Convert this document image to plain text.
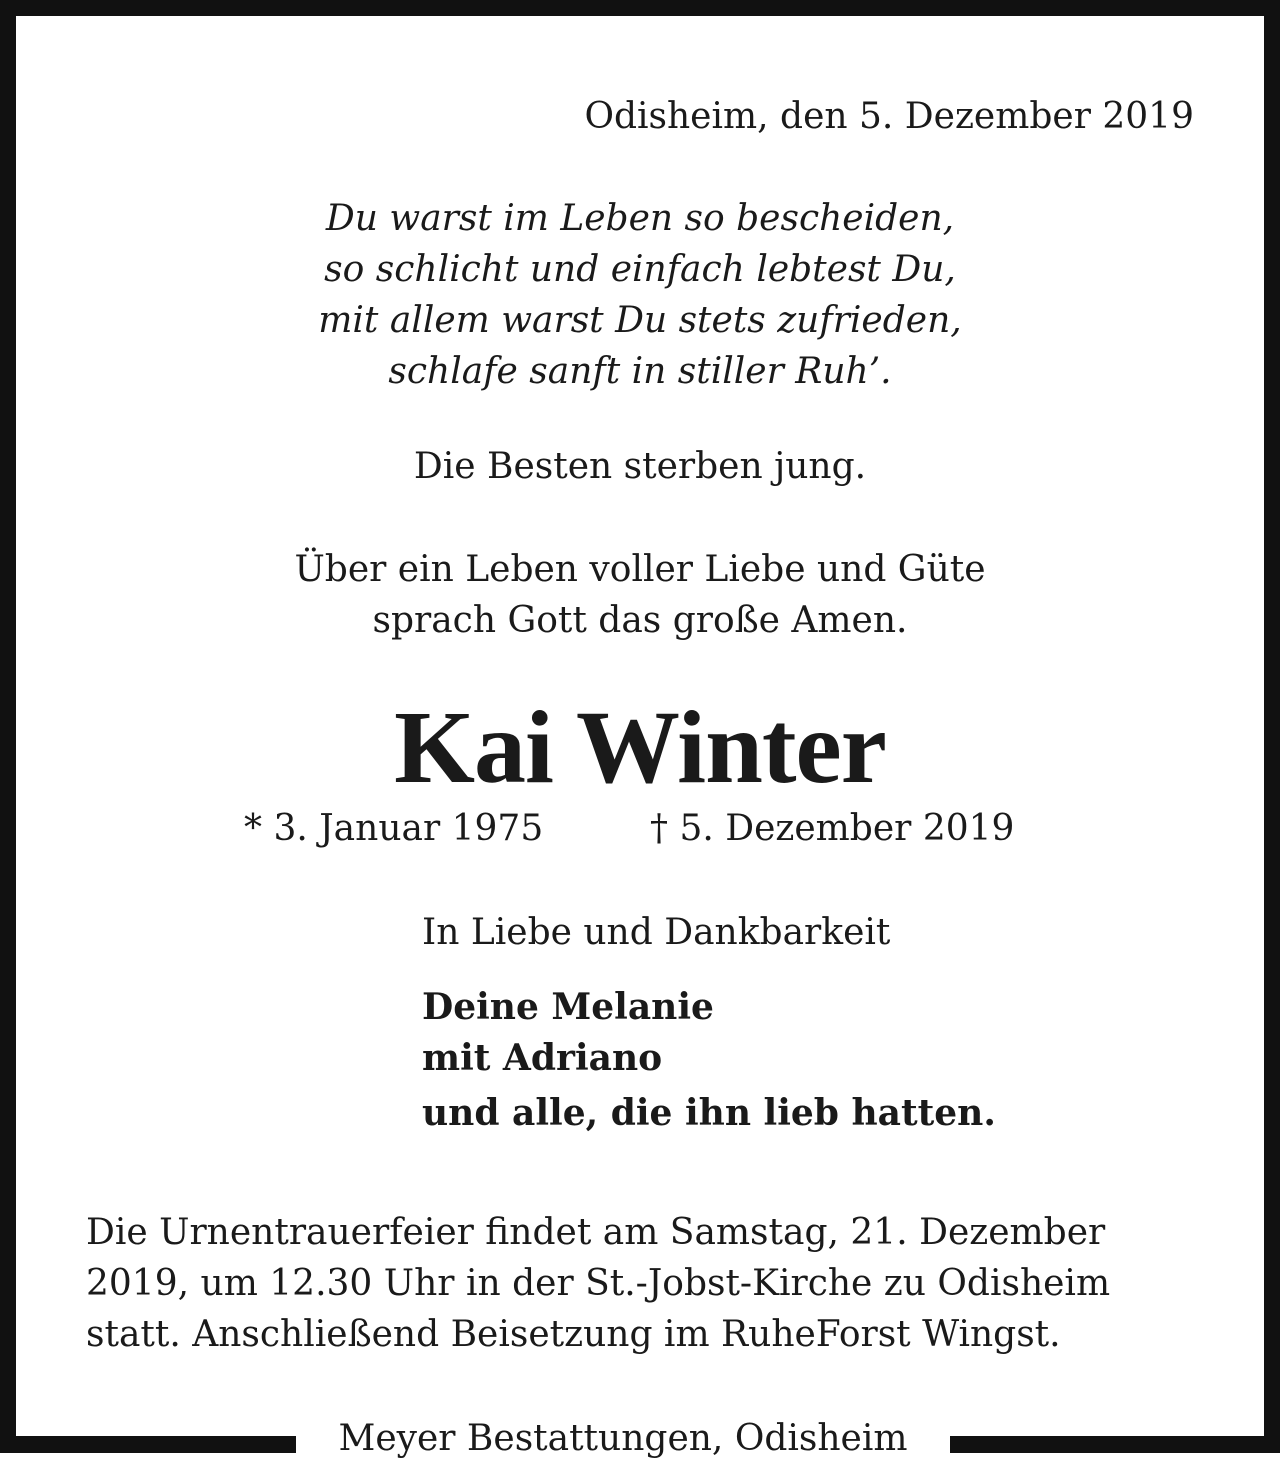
Odisheim, den 5. Dezember 2019
Du warst im Leben so bescheiden,
so schlicht und einfach lebtest Du,
mit allem warst Du stets zufrieden,
schlafe sanft in stiller Ruh’.
Die Besten sterben jung.
Über ein Leben voller Liebe und Güte
sprach Gott das große Amen.
Kai Winter
* 3. Januar 1975	† 5. Dezember 2019
In Liebe und Dankbarkeit
Deine Melanie
mit Adriano
und alle, die ihn lieb hatten.
Die Urnentrauerfeier findet am Samstag, 21. Dezember
2019, um 12.30 Uhr in der St.-Jobst-Kirche zu Odisheim
statt. Anschließend Beisetzung im RuheForst Wingst.
Meyer Bestattungen, Odisheim
